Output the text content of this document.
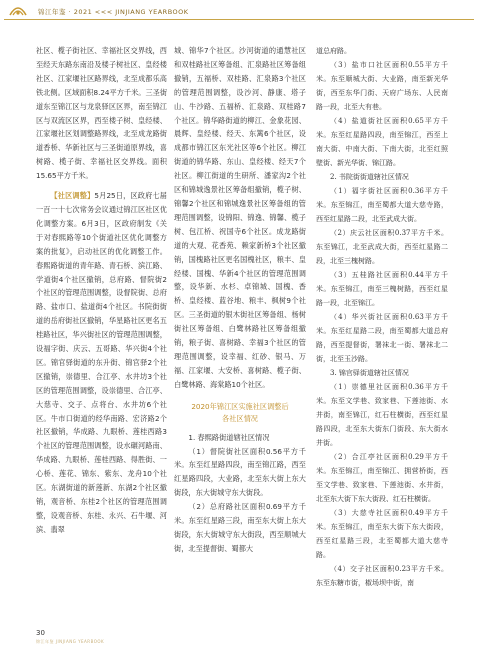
锦江年鉴 · 2021 <<< JINJIANG YEARBOOK

社区、榄子街社区、幸福社区交界线，西至经天东路东南沿及楼子树社区、皇经楼社区、江家堰社区路界线，北至成都乐高铁北侧。区域面积8.24平方千米。三圣街道东至锦江区与龙泉驿区区界，南至锦江区与双流区区界，西至楼子树、皇经楼、江家堰社区划调整路界线，北至成龙路街道香桥、华新社区与三圣街道原界线，喜树路、榄子街、幸福社区交界线。面积15.65平方千米。

【社区调整】5月25日，区政府七届一百一十七次常务会议通过锦江区社区优化调整方案。6月3日，区政府制发《关于对春熙路等10个街道社区优化调整方案的批复》，启动社区的优化调整工作。春熙路街道的青年路、青石桥、滨江路、学道街4个社区撤销，总府路、督院街2个社区的管理范围调整，设督院街、总府路、盐市口、盐道街4个社区。书院街街道的岳府街社区撤销，华星路社区更名五桂路社区，华兴街社区的管理范围调整，设福字街、庆云、五哥路、华兴街4个社区。锦官驿街道的东升街、锦官驿2个社区撤销，崇德里、合江亭、水井坊3个社区的管理范围调整，设崇德里、合江亭、大慈寺、交子、点将台、水井坊6个社区。牛市口街道的经华南路、宏济路2个社区撤销，华成路、九眼桥、莲桂西路3个社区的管理范围调整，设水碾河路南、华成路、九眼桥、莲桂西路、得胜街、一心桥、莲花、锦东、紫东、龙舟10个社区。东湖街道的新莲新、东湖2个社区撤销，观音桥、东桂2个社区的管理范围调整，设观音桥、东桂、永兴、石牛堰、河滨、翡翠

城、锦华7个社区。沙河街道的通慧社区和双桂路社区筹备组、汇泉路社区筹备组撤销，五福桥、双桂路、汇泉路3个社区的管理范围调整，设沙河、静康、塔子山、牛沙路、五福桥、汇泉路、双桂路7个社区。锦华路街道的柳江、金象花园、晨辉、皇经楼、经天、东篱6个社区，设成都市锦江区东光社区等6个社区。柳江街道的锦华路、东山、皇经楼、经天7个社区。柳江街道的生研所、潘家沟2个社区和锦城逸景社区筹备组撤销，榄子树、锦馨2个社区和锦城逸景社区筹备组的管理范围调整，设锦阳、锦逸、锦馨、榄子树、包江桥、祝国寺6个社区。成龙路街道的大观、花香苑、赖家新桥3个社区撤销，国槐路社区更名国槐社区，粮丰、皇经楼、国槐、华新4个社区的管理范围调整，设华新、水杉、卓锦城、国槐、香桥、皇经楼、蓝谷地、粮丰、枫树9个社区。三圣街道的银木街社区筹备组、杨树街社区筹备组、白鹭林路社区筹备组撤销，粮子街、喜树路、幸福3个社区的管理范围调整，设幸福、红砂、银马、万福、江家堰、大安桥、喜树路、榄子街、白鹭林路、海棠路10个社区。

2020年锦江区实施社区调整后
各社区情况

1. 春熙路街道辖社区情况

（1）督院街社区面积0.56平方千米。东至红星路四段，南至锦江路，西至红星路四段，大业路，北至东大街上东大街段，东大街城守东大街段。

（2）总府路社区面积0.69平方千米。东至红星路三段，南至东大街上东大街段，东大街城守东大街段，西至顺城大街，北至提督街、蜀都大

道总府路。

（3）盐市口社区面积0.55平方千米。东至顺城大街、大业路，南至新光华街，西至东华门街、天府广场东、人民南路一段，北至大有巷。

（4）盐道街社区面积0.65平方千米。东至红星路四段，南至锦江，西至上南大街、中南大街、下南大街，北至红照壁街、新光华街、锦江路。

2. 书院街街道辖社区情况

（1）福字街社区面积0.36平方千米。东至锦江，南至蜀都大道大慈寺路，西至红星路二段，北至武成大街。

（2）庆云社区面积0.37平方千米。东至锦江，北至武成大街，西至红星路二段，北至三槐树路。

（3）五桂路社区面积0.44平方千米。东至锦江，南至三槐树路，西至红星路一段，北至锦江。

（4）华兴街社区面积0.63平方千米。东至红星路二段，南至蜀都大道总府路，西至提督街，署袜北一街、署袜北二街，北至玉沙路。

3. 锦官驿街道辖社区情况

（1）崇德里社区面积0.36平方千米。东至文学巷、致家巷、下莲池街、水井街，南至锦江，红石柱横街，西至红星路四段，北至东大街东门街段、东大街水井街。

（2）合江亭社区面积0.29平方千米。东至锦江，南至锦江、拥营桥街，西至文学巷、致家巷、下莲池街、水井街，北至东大街下东大街段、红石柱横街。

（3）大慈寺社区面积0.49平方千米。东至锦江，南至东大街下东大街段，西至红星路三段，北至蜀都大道大慈寺路。

（4）交子社区面积0.23平方千米。东至东糖市街，椒场坝中街，南

30
锦江年鉴 JINJIANG YEARBOOK
